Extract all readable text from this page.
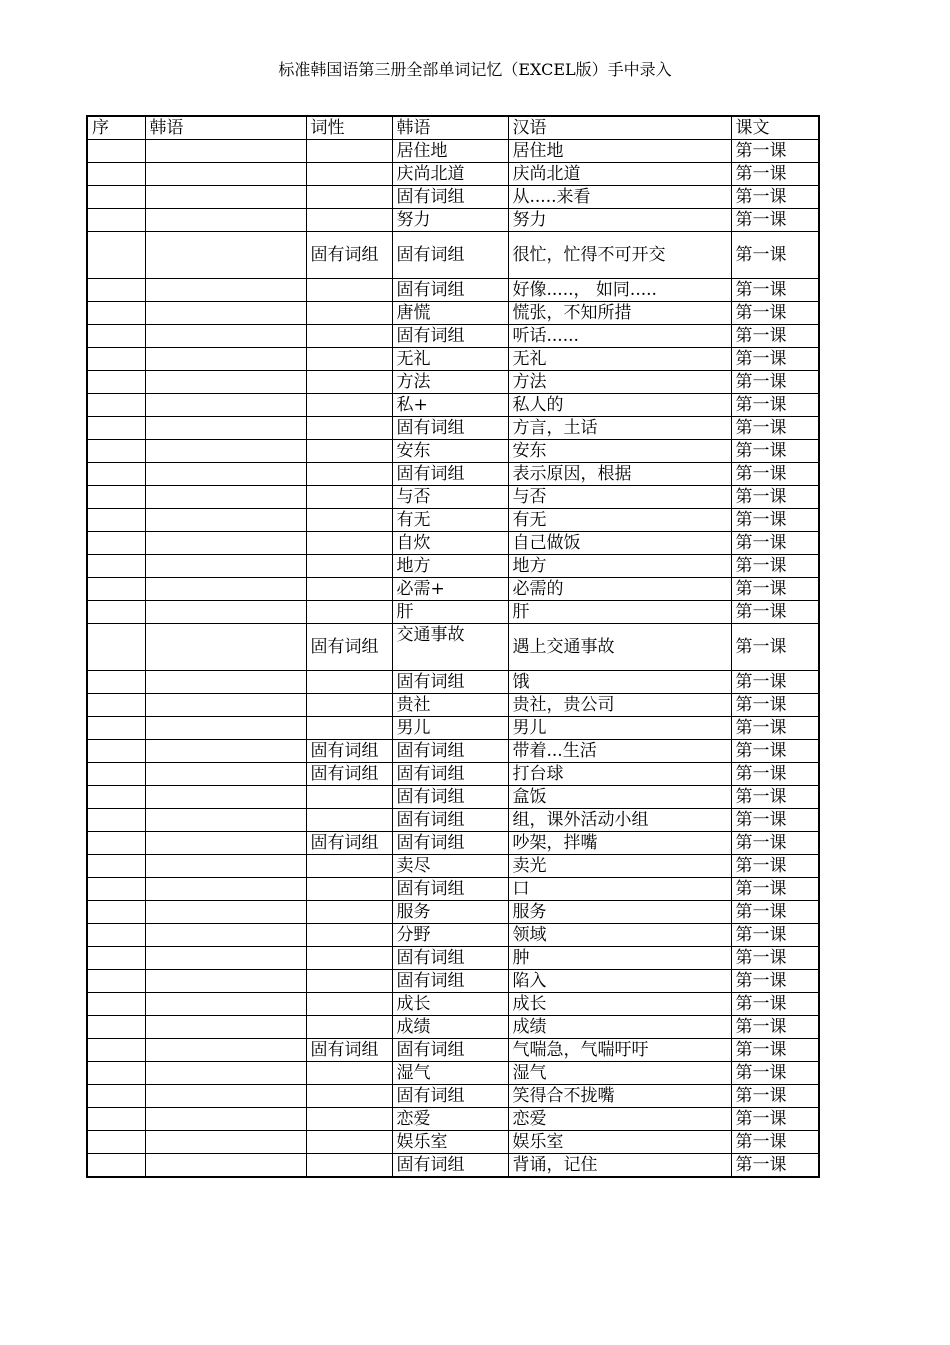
标准韩国语第三册全部单词记忆（EXCEL版）手中录入
序	韩语	词性	韩语	汉语	课文
			居住地	居住地	第一课
			庆尚北道	庆尚北道	第一课
			固有词组	从.....来看	第一课
			努力	努力	第一课
		固有词组	固有词组	很忙，忙得不可开交	第一课
			固有词组	好像.....， 如同.....	第一课
			唐慌	慌张，不知所措	第一课
			固有词组	听话......	第一课
			无礼	无礼	第一课
			方法	方法	第一课
			私+	私人的	第一课
			固有词组	方言，土话	第一课
			安东	安东	第一课
			固有词组	表示原因，根据	第一课
			与否	与否	第一课
			有无	有无	第一课
			自炊	自己做饭	第一课
			地方	地方	第一课
			必需+	必需的	第一课
			肝	肝	第一课
		固有词组	交通事故	遇上交通事故	第一课
			固有词组	饿	第一课
			贵社	贵社，贵公司	第一课
			男儿	男儿	第一课
		固有词组	固有词组	带着...生活	第一课
		固有词组	固有词组	打台球	第一课
			固有词组	盒饭	第一课
			固有词组	组，课外活动小组	第一课
		固有词组	固有词组	吵架，拌嘴	第一课
			卖尽	卖光	第一课
			固有词组	口	第一课
			服务	服务	第一课
			分野	领域	第一课
			固有词组	肿	第一课
			固有词组	陷入	第一课
			成长	成长	第一课
			成绩	成绩	第一课
		固有词组	固有词组	气喘急，气喘吁吁	第一课
			湿气	湿气	第一课
			固有词组	笑得合不拢嘴	第一课
			恋爱	恋爱	第一课
			娱乐室	娱乐室	第一课
			固有词组	背诵，记住	第一课
